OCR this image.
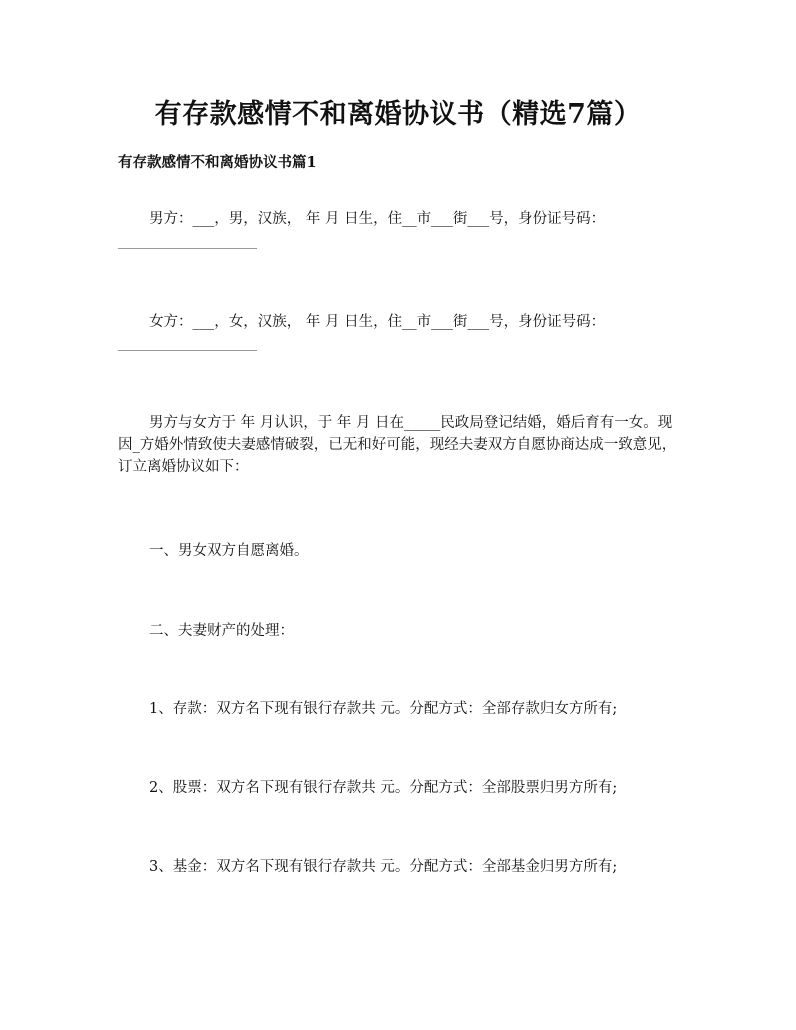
有存款感情不和离婚协议书（精选7篇）
有存款感情不和离婚协议书篇1
男方：___，男，汉族， 年 月 日生，住__市___街___号，身份证号码：
女方：___，女，汉族， 年 月 日生，住__市___街___号，身份证号码：
男方与女方于 年 月认识，于 年 月 日在_____民政局登记结婚，婚后育有一女。现因_方婚外情致使夫妻感情破裂，已无和好可能，现经夫妻双方自愿协商达成一致意见，订立离婚协议如下：
一、男女双方自愿离婚。
二、夫妻财产的处理：
1、存款：双方名下现有银行存款共 元。分配方式：全部存款归女方所有;
2、股票：双方名下现有银行存款共 元。分配方式：全部股票归男方所有;
3、基金：双方名下现有银行存款共 元。分配方式：全部基金归男方所有;
